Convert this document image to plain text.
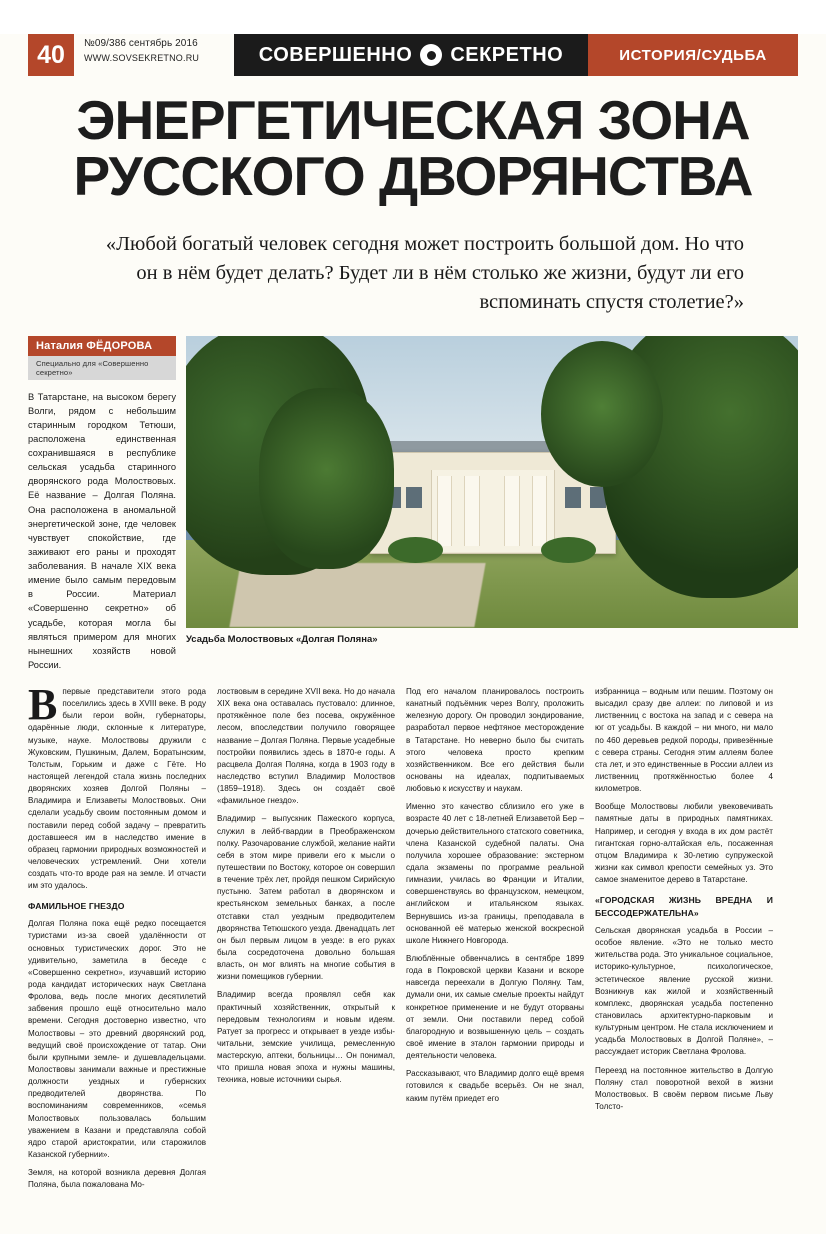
40	№09/386 сентябрь 2016
WWW.SOVSEKRETNO.RU	СОВЕРШЕННО СЕКРЕТНО	ИСТОРИЯ/СУДЬБА
ЭНЕРГЕТИЧЕСКАЯ ЗОНА
РУССКОГО ДВОРЯНСТВА
«Любой богатый человек сегодня может построить большой дом. Но что он в нём будет делать? Будет ли в нём столько же жизни, будут ли его вспоминать спустя столетие?»
Наталия ФЁДОРОВА
Специально для «Совершенно секретно»
В Татарстане, на высоком берегу Волги, рядом с небольшим старинным городком Тетюши, расположена единственная сохранившаяся в республике сельская усадьба старинного дворянского рода Молоствовых. Её название – Долгая Поляна. Она расположена в аномальной энергетической зоне, где человек чувствует спокойствие, где заживают его раны и проходят заболевания. В начале XIX века имение было самым передовым в России. Материал «Совершенно секретно» об усадьбе, которая могла бы являться примером для многих нынешних хозяйств новой России.
Усадьба Молоствовых «Долгая Поляна»

Впервые представители этого рода поселились здесь в XVIII веке. В роду были герои войн, губернаторы, одарённые люди, склонные к литературе, музыке, науке. Молоствовы дружили с Жуковским, Пушкиным, Далем, Боратынским, Толстым, Горьким и даже с Гёте. Но настоящей легендой стала жизнь последних дворянских хозяев Долгой Поляны – Владимира и Елизаветы Молоствовых. Они сделали усадьбу своим постоянным домом и поставили перед собой задачу – превратить доставшееся им в наследство имение в образец гармонии природных возможностей и человеческих устремлений. Они хотели создать что-то вроде рая на земле. И отчасти им это удалось.

ФАМИЛЬНОЕ ГНЕЗДО

Долгая Поляна пока ещё редко посещается туристами из-за своей удалённости от основных туристических дорог. Это не удивительно, заметила в беседе с «Совершенно секретно», изучавший историю рода кандидат исторических наук Светлана Фролова, ведь после многих десятилетий забвения прошло ещё относительно мало времени. Сегодня достоверно известно, что Молоствовы – это древний дворянский род, ведущий своё происхождение от татар. Они были крупными земле- и душевладельцами. Молоствовы занимали важные и престижные должности уездных и губернских предводителей дворянства. По воспоминаниям современников, «семья Молоствовых пользовалась большим уважением в Казани и представляла собой ядро старой аристократии, или старожилов Казанской губернии».

Земля, на которой возникла деревня Долгая Поляна, была пожалована Мо-

лоствовым в середине XVII века. Но до начала XIX века она оставалась пустовало: длинное, протяжённое поле без посева, окружённое лесом, впоследствии получило говорящее название – Долгая Поляна. Первые усадебные постройки появились здесь в 1870-е годы. А расцвела Долгая Поляна, когда в 1903 году в наследство вступил Владимир Молоствов (1859–1918). Здесь он создаёт своё «фамильное гнездо».

Владимир – выпускник Пажеского корпуса, служил в лейб-гвардии в Преображенском полку. Разочарование службой, желание найти себя в этом мире привели его к мысли о путешествии по Востоку, которое он совершил в течение трёх лет, пройдя пешком Сирийскую пустыню. Затем работал в дворянском и крестьянском земельных банках, а после отставки стал уездным предводителем дворянства Тетюшского уезда. Двенадцать лет он был первым лицом в уезде: в его руках была сосредоточена довольно большая власть, он мог влиять на многие события в жизни помещиков губернии.

Владимир всегда проявлял себя как практичный хозяйственник, открытый к передовым технологиям и новым идеям. Ратует за прогресс и открывает в уезде избы-читальни, земские училища, ремесленную мастерскую, аптеки, больницы… Он понимал, что пришла новая эпоха и нужны машины, техника, новые источники сырья.

Под его началом планировалось построить канатный подъёмник через Волгу, проложить железную дорогу. Он проводил зондирование, разработал первое нефтяное месторождение в Татарстане. Но неверно было бы считать этого человека просто крепким хозяйственником. Все его действия были основаны на идеалах, подпитываемых любовью к искусству и наукам.

Именно это качество сблизило его уже в возрасте 40 лет с 18-летней Елизаветой Бер – дочерью действительного статского советника, члена Казанской судебной палаты. Она получила хорошее образование: экстерном сдала экзамены по программе реальной гимназии, училась во Франции и Италии, совершенствуясь во французском, немецком, английском и итальянском языках. Вернувшись из-за границы, преподавала в основанной её матерью женской воскресной школе Нижнего Новгорода.

Влюблённые обвенчались в сентябре 1899 года в Покровской церкви Казани и вскоре навсегда переехали в Долгую Поляну. Там, думали они, их самые смелые проекты найдут конкретное применение и не будут оторваны от земли. Они поставили перед собой благородную и возвышенную цель – создать своё имение в эталон гармонии природы и деятельности человека.

Рассказывают, что Владимир долго ещё время готовился к свадьбе всерьёз. Он не знал, каким путём приедет его

избранница – водным или пешим. Поэтому он высадил сразу две аллеи: по липовой и из лиственниц с востока на запад и с севера на юг от усадьбы. В каждой – ни много, ни мало по 460 деревьев редкой породы, привезённые с севера страны. Сегодня этим аллеям более ста лет, и это единственные в России аллеи из лиственниц протяжённостью более 4 километров.

Вообще Молоствовы любили увековечивать памятные даты в природных памятниках. Например, и сегодня у входа в их дом растёт гигантская горно-алтайская ель, посаженная отцом Владимира к 30-летию супружеской жизни как символ крепости семейных уз. Это самое знаменитое дерево в Татарстане.

«ГОРОДСКАЯ ЖИЗНЬ ВРЕДНА И БЕССОДЕРЖАТЕЛЬНА»

Сельская дворянская усадьба в России – особое явление. «Это не только место жительства рода. Это уникальное социальное, историко-культурное, психологическое, эстетическое явление русской жизни. Возникнув как жилой и хозяйственный комплекс, дворянская усадьба постепенно становилась архитектурно-парковым и культурным центром. Не стала исключением и усадьба Молоствовых в Долгой Поляне», – рассуждает историк Светлана Фролова.

Переезд на постоянное жительство в Долгую Поляну стал поворотной вехой в жизни Молоствовых. В своём первом письме Льву Толсто-
